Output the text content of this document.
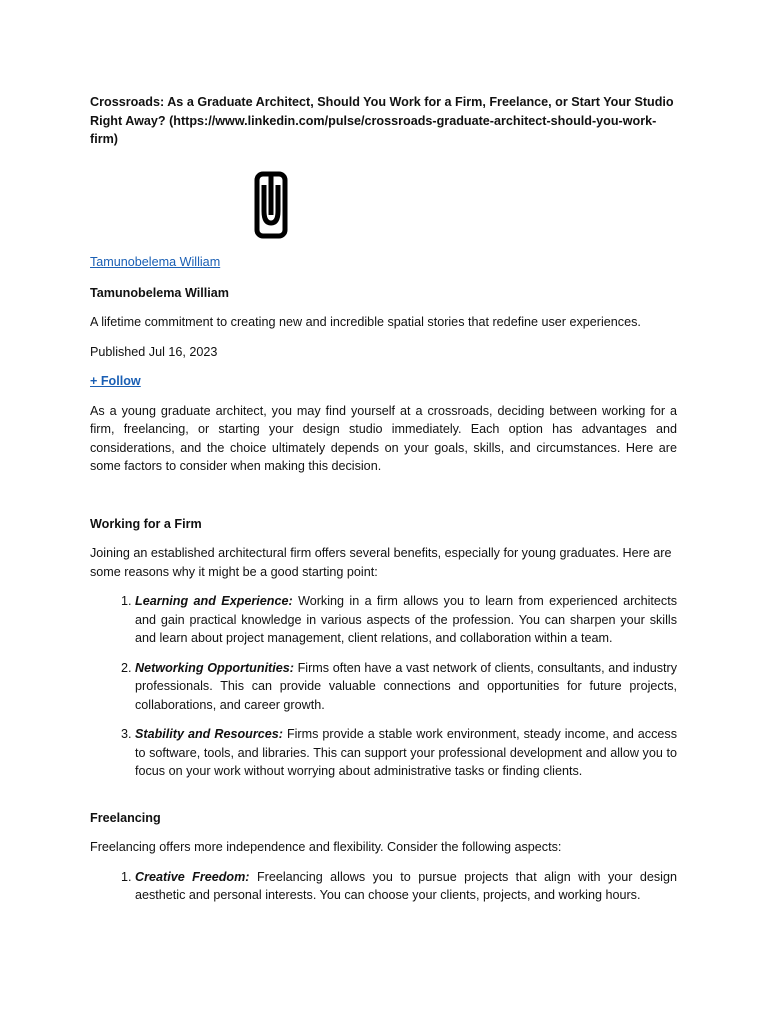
Crossroads: As a Graduate Architect, Should You Work for a Firm, Freelance, or Start Your Studio Right Away? (https://www.linkedin.com/pulse/crossroads-graduate-architect-should-you-work-firm)

Tamunobelema William

Tamunobelema William

A lifetime commitment to creating new and incredible spatial stories that redefine user experiences.

Published Jul 16, 2023

+ Follow

As a young graduate architect, you may find yourself at a crossroads, deciding between working for a firm, freelancing, or starting your design studio immediately. Each option has advantages and considerations, and the choice ultimately depends on your goals, skills, and circumstances. Here are some factors to consider when making this decision.

Working for a Firm

Joining an established architectural firm offers several benefits, especially for young graduates. Here are some reasons why it might be a good starting point:

1. Learning and Experience: Working in a firm allows you to learn from experienced architects and gain practical knowledge in various aspects of the profession. You can sharpen your skills and learn about project management, client relations, and collaboration within a team.
2. Networking Opportunities: Firms often have a vast network of clients, consultants, and industry professionals. This can provide valuable connections and opportunities for future projects, collaborations, and career growth.
3. Stability and Resources: Firms provide a stable work environment, steady income, and access to software, tools, and libraries. This can support your professional development and allow you to focus on your work without worrying about administrative tasks or finding clients.

Freelancing

Freelancing offers more independence and flexibility. Consider the following aspects:

1. Creative Freedom: Freelancing allows you to pursue projects that align with your design aesthetic and personal interests. You can choose your clients, projects, and working hours.
